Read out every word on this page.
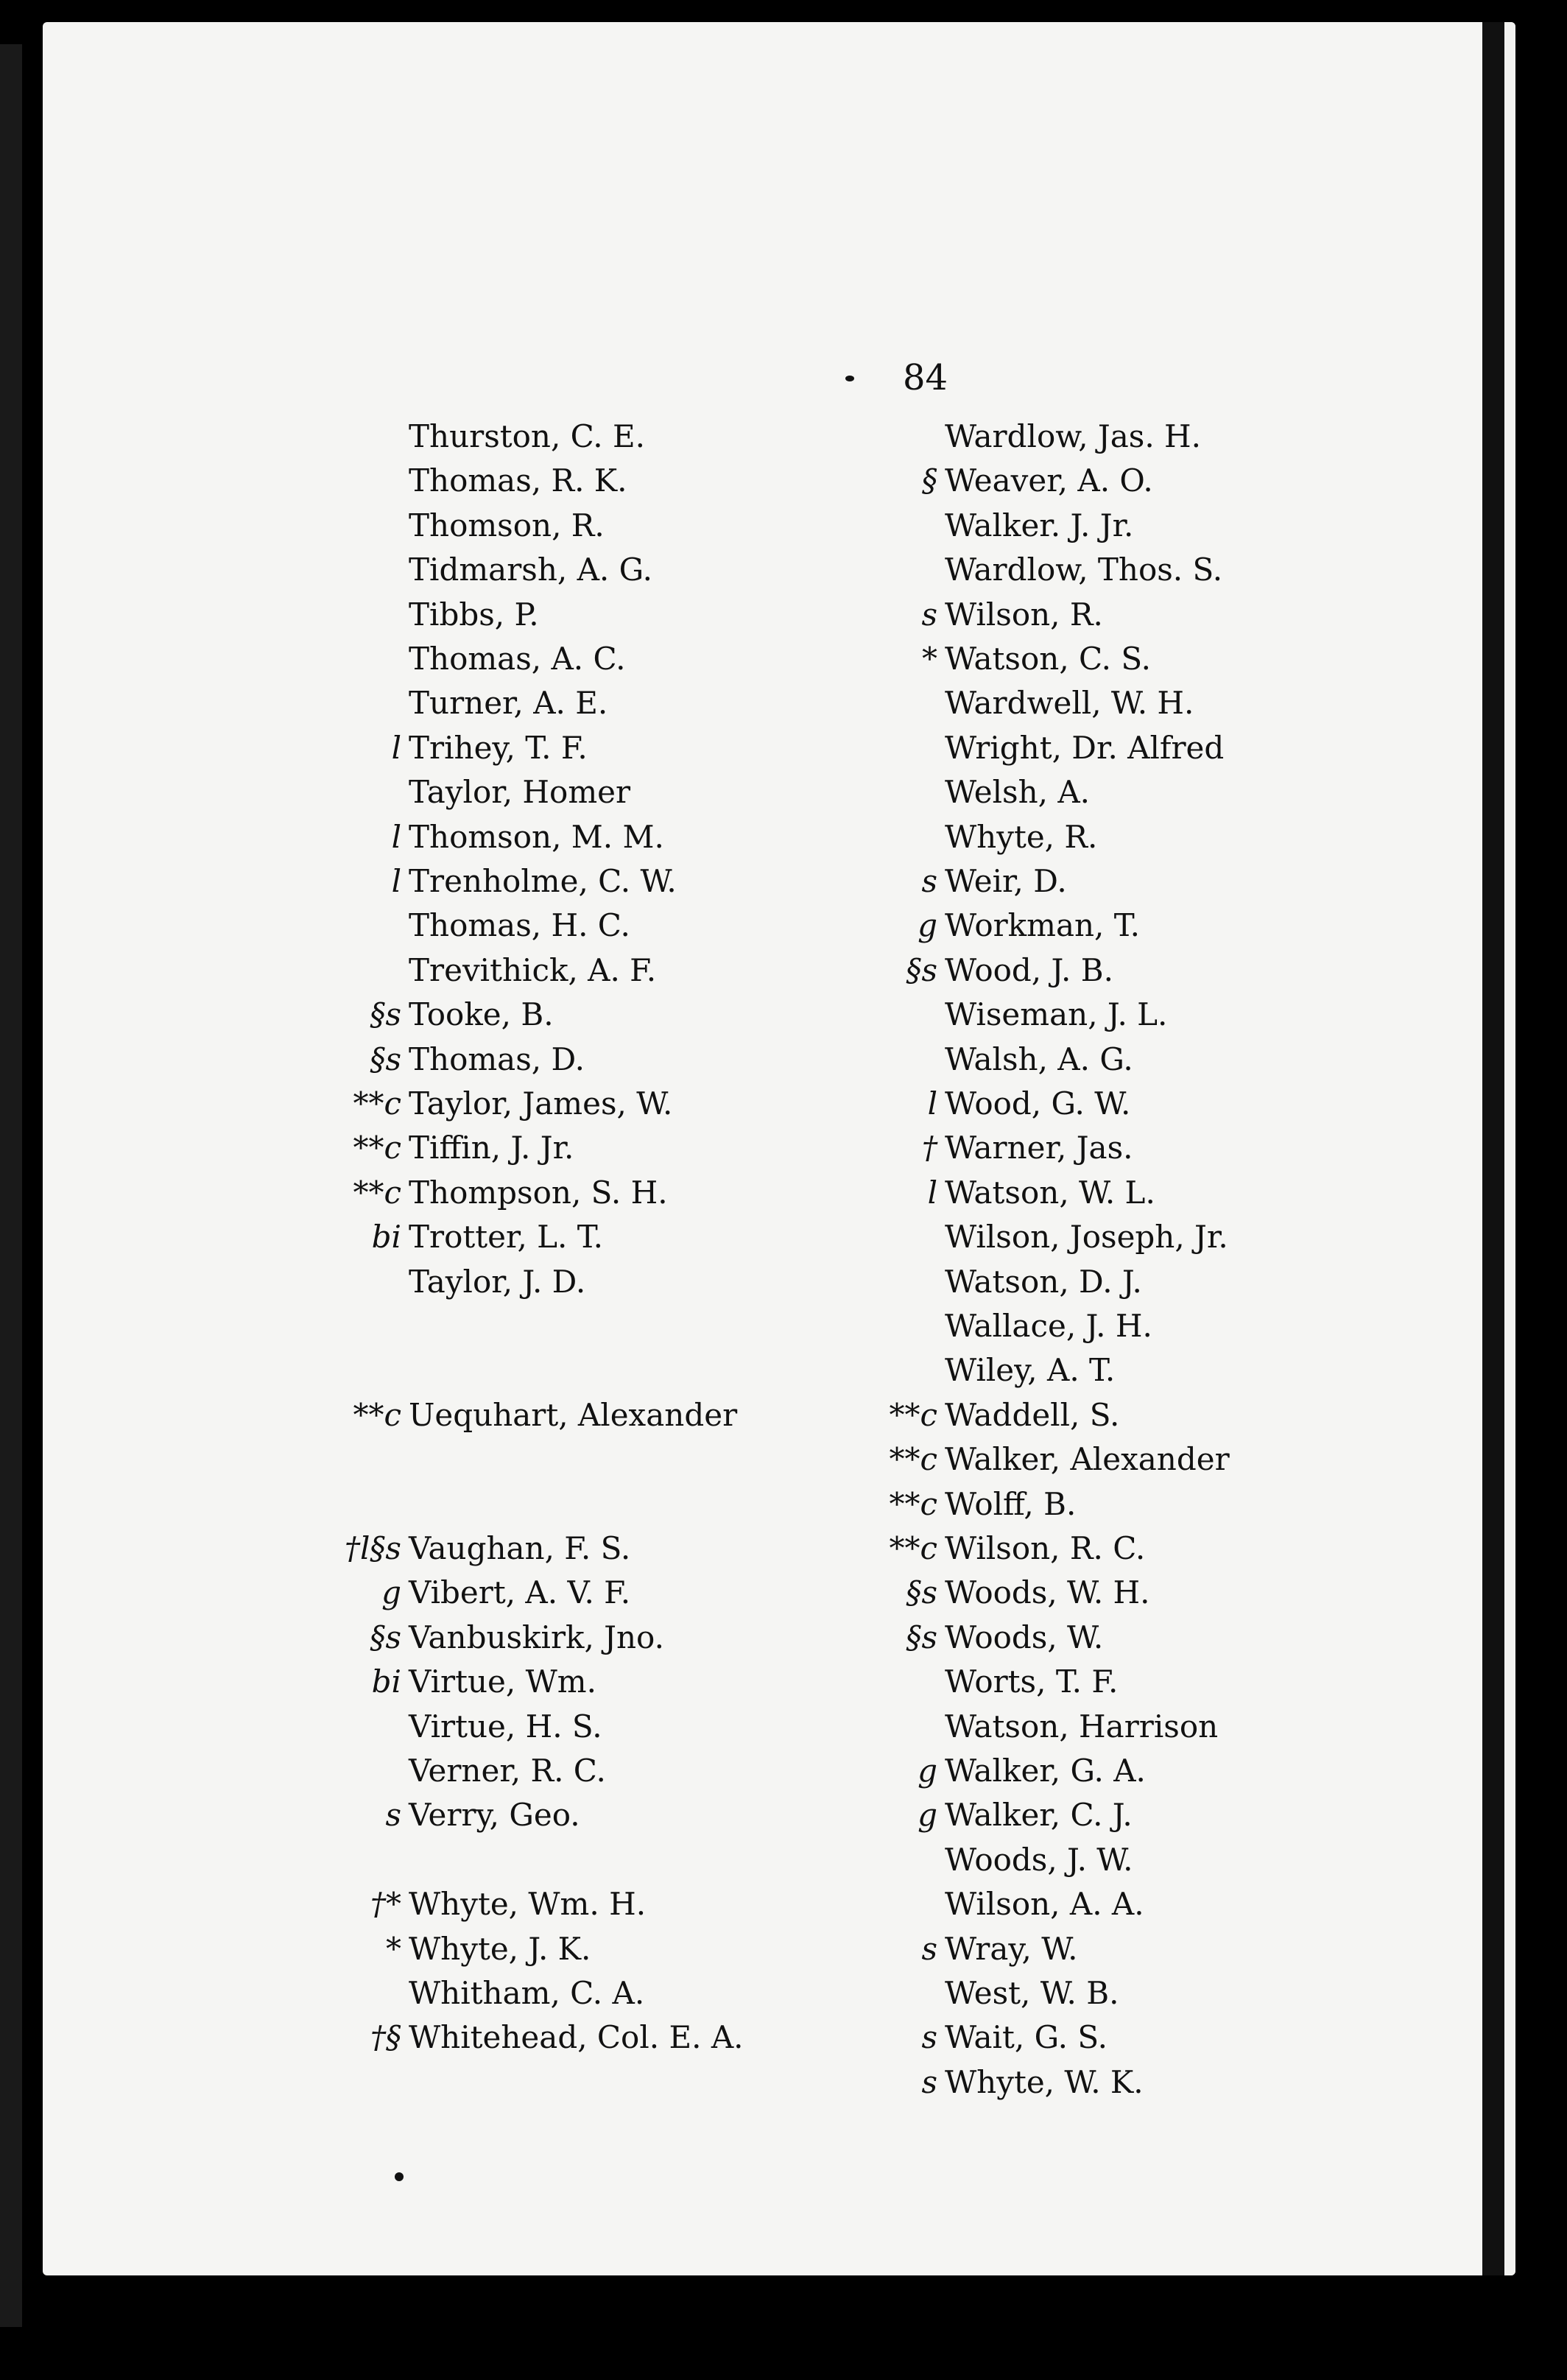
84
Thurston, C. E.
Thomas, R. K.
Thomson, R.
Tidmarsh, A. G.
Tibbs, P.
Thomas, A. C.
Turner, A. E.
l Trihey, T. F.
Taylor, Homer
l Thomson, M. M.
l Trenholme, C. W.
Thomas, H. C.
Trevithick, A. F.
§s Tooke, B.
§s Thomas, D.
**c Taylor, James, W.
**c Tiffin, J. Jr.
**c Thompson, S. H.
bi Trotter, L. T.
Taylor, J. D.
**c Uequhart, Alexander
†l§s Vaughan, F. S.
g Vibert, A. V. F.
§s Vanbuskirk, Jno.
bi Virtue, Wm.
Virtue, H. S.
Verner, R. C.
s Verry, Geo.
†* Whyte, Wm. H.
* Whyte, J. K.
Whitham, C. A.
†§ Whitehead, Col. E. A.
Wardlow, Jas. H.
§ Weaver, A. O.
Walker. J. Jr.
Wardlow, Thos. S.
s Wilson, R.
* Watson, C. S.
Wardwell, W. H.
Wright, Dr. Alfred
Welsh, A.
Whyte, R.
s Weir, D.
g Workman, T.
§s Wood, J. B.
Wiseman, J. L.
Walsh, A. G.
l Wood, G. W.
† Warner, Jas.
l Watson, W. L.
Wilson, Joseph, Jr.
Watson, D. J.
Wallace, J. H.
Wiley, A. T.
**c Waddell, S.
**c Walker, Alexander
**c Wolff, B.
**c Wilson, R. C.
§s Woods, W. H.
§s Woods, W.
Worts, T. F.
Watson, Harrison
g Walker, G. A.
g Walker, C. J.
Woods, J. W.
Wilson, A. A.
s Wray, W.
West, W. B.
s Wait, G. S.
s Whyte, W. K.
